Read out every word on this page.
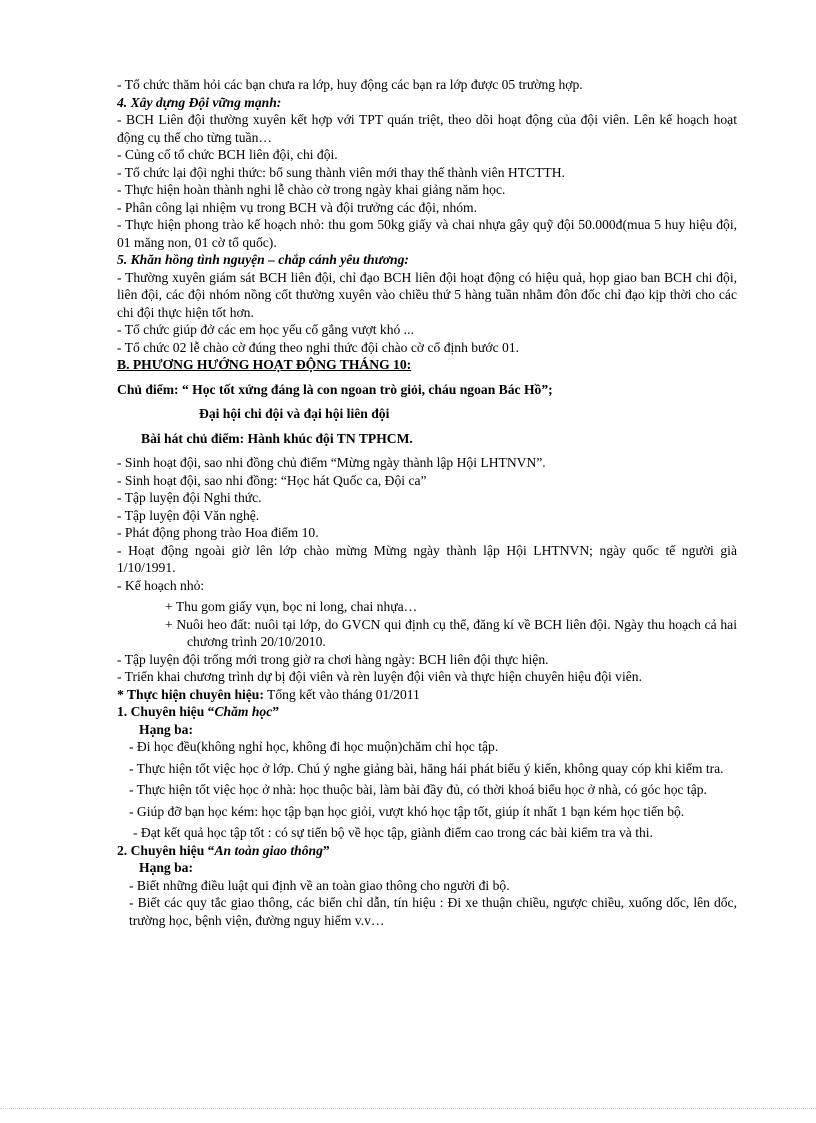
- Tổ chức thăm hỏi các bạn chưa ra lớp, huy động các bạn ra lớp được 05 trường hợp.

4. Xây dựng Đội vững mạnh:

- BCH Liên đội thường xuyên kết hợp với TPT quán triệt, theo dõi hoạt động của đội viên. Lên kế hoạch hoạt động cụ thể cho từng tuần…

- Củng cố tổ chức BCH liên đội, chi đội.

- Tổ chức lại đội nghi thức: bổ sung thành viên mới thay thế thành viên HTCTTH.

- Thực hiện hoàn thành nghi lễ chào cờ trong ngày khai giảng năm học.

- Phân công lại nhiệm vụ trong BCH và đội trưởng các đội, nhóm.

- Thực hiện phong trào kế hoạch nhỏ: thu gom 50kg giấy và chai nhựa gây quỹ đội 50.000đ(mua 5 huy hiệu đội, 01 măng non, 01 cờ tổ quốc).

5. Khăn hồng tình nguyện – chắp cánh yêu thương:

- Thường xuyên giám sát BCH liên đội, chỉ đạo BCH liên đội hoạt động có hiệu quả, họp giao ban BCH chi đội, liên đội, các đội nhóm nồng cốt thường xuyên vào chiều thứ 5 hàng tuần nhằm đôn đốc chỉ đạo kịp thời cho các chi đội thực hiện tốt hơn.

- Tổ chức giúp đở các em học yếu cố gắng vượt khó ...

- Tổ chức 02 lễ chào cờ đúng theo nghi thức đội chào cờ cố định bước 01.

B. PHƯƠNG HƯỚNG HOẠT ĐỘNG THÁNG 10:

Chủ điểm: “ Học tốt xứng đáng là con ngoan trò giỏi, cháu ngoan Bác Hồ”;

Đại hội chi đội và đại hội liên đội

Bài hát chủ điểm: Hành khúc đội TN TPHCM.

- Sinh hoạt đội, sao nhi đồng chủ điểm “Mừng ngày thành lập Hội LHTNVN”.

- Sinh hoạt đội, sao nhi đồng: “Học hát Quốc ca, Đội ca”

- Tập luyện đội Nghi thức.

- Tập luyện đội Văn nghệ.

- Phát động phong trào Hoa điểm 10.

- Hoạt động ngoài giờ lên lớp chào mừng Mừng ngày thành lập Hội LHTNVN; ngày quốc tế người già 1/10/1991.

- Kế hoạch nhỏ:

+ Thu gom giấy vụn, bọc ni long, chai nhựa…

+ Nuôi heo đất: nuôi tại lớp, do GVCN qui định cụ thể, đăng kí về BCH liên đội. Ngày thu hoạch cả hai chương trình 20/10/2010.

- Tập luyện đội trống mới trong giờ ra chơi hàng ngày: BCH liên đội thực hiện.

- Triển khai chương trình dự bị đội viên và rèn luyện đội viên và thực hiện chuyên hiệu đội viên.

* Thực hiện chuyên hiệu: Tổng kết vào tháng 01/2011

1. Chuyên hiệu “Chăm học”

Hạng ba:

- Đi học đều(không nghỉ học, không đi học muộn)chăm chỉ học tập.

- Thực hiện tốt việc học ở lớp. Chú ý nghe giảng bài, hăng hái phát biểu ý kiến, không quay cóp khi kiểm tra.

- Thực hiện tốt việc học ở nhà: học thuộc bài, làm bài đầy đủ, có thời khoá biểu học ở nhà, có góc học tập.

- Giúp đỡ bạn học kém: học tập bạn học giỏi, vượt khó học tập tốt, giúp ít nhất 1 bạn kém học tiến bộ.

- Đạt kết quả học tập tốt : có sự tiến bộ về học tập, giành điểm cao trong các bài kiểm tra và thi.

2. Chuyên hiệu “An toàn giao thông”

Hạng ba:

- Biết những điều luật qui định về an toàn giao thông cho người đi bộ.

- Biết các quy tắc giao thông, các biển chỉ dẫn, tín hiệu : Đi xe thuận chiều, ngược chiều, xuống dốc, lên dốc, trường học, bệnh viện, đường nguy hiểm v.v…
